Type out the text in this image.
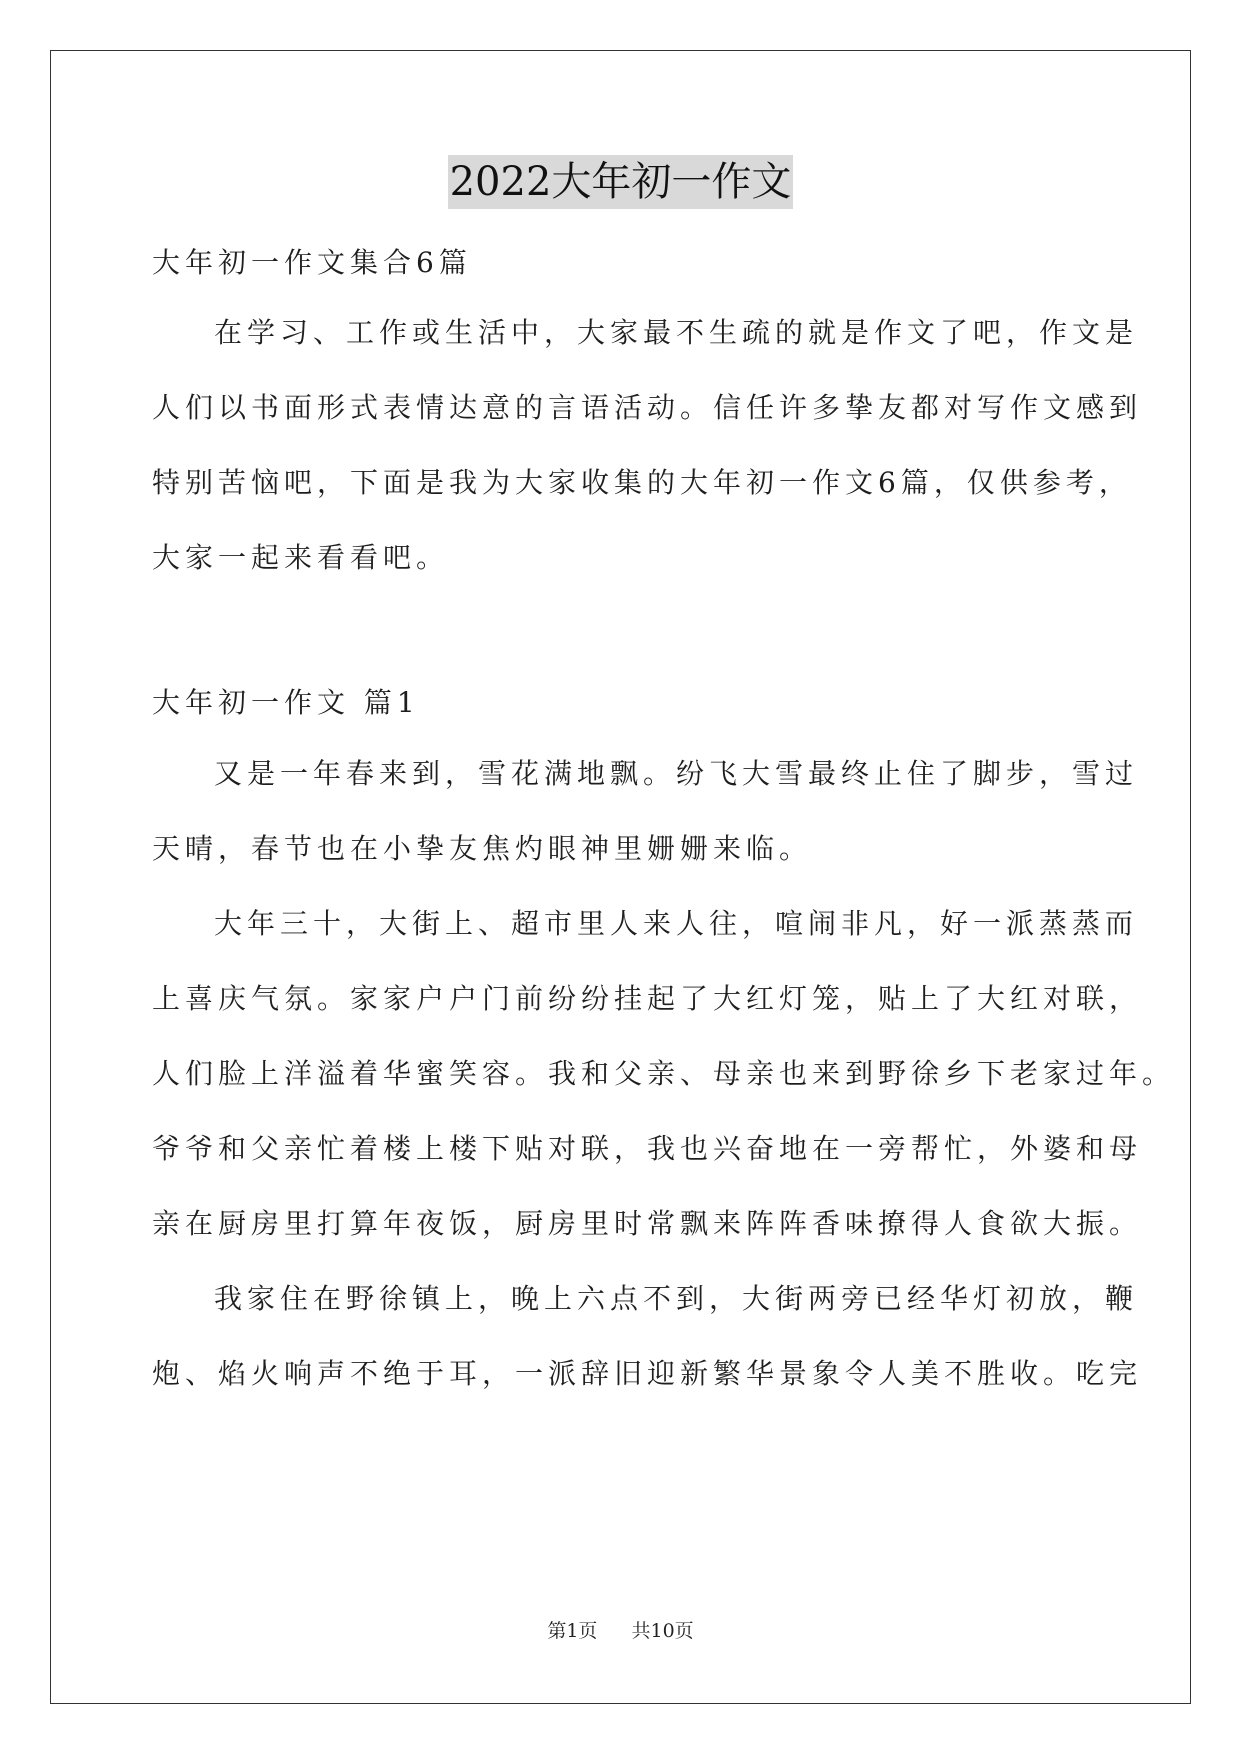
2022大年初一作文
大年初一作文集合6篇
在学习、工作或生活中，大家最不生疏的就是作文了吧，作文是
人们以书面形式表情达意的言语活动。信任许多挚友都对写作文感到
特别苦恼吧，下面是我为大家收集的大年初一作文6篇，仅供参考，
大家一起来看看吧。
大年初一作文 篇1
又是一年春来到，雪花满地飘。纷飞大雪最终止住了脚步，雪过
天晴，春节也在小挚友焦灼眼神里姗姗来临。
大年三十，大街上、超市里人来人往，喧闹非凡，好一派蒸蒸而
上喜庆气氛。家家户户门前纷纷挂起了大红灯笼，贴上了大红对联，
人们脸上洋溢着华蜜笑容。我和父亲、母亲也来到野徐乡下老家过年。
爷爷和父亲忙着楼上楼下贴对联，我也兴奋地在一旁帮忙，外婆和母
亲在厨房里打算年夜饭，厨房里时常飘来阵阵香味撩得人食欲大振。
我家住在野徐镇上，晚上六点不到，大街两旁已经华灯初放，鞭
炮、焰火响声不绝于耳，一派辞旧迎新繁华景象令人美不胜收。吃完
第1页 共10页
